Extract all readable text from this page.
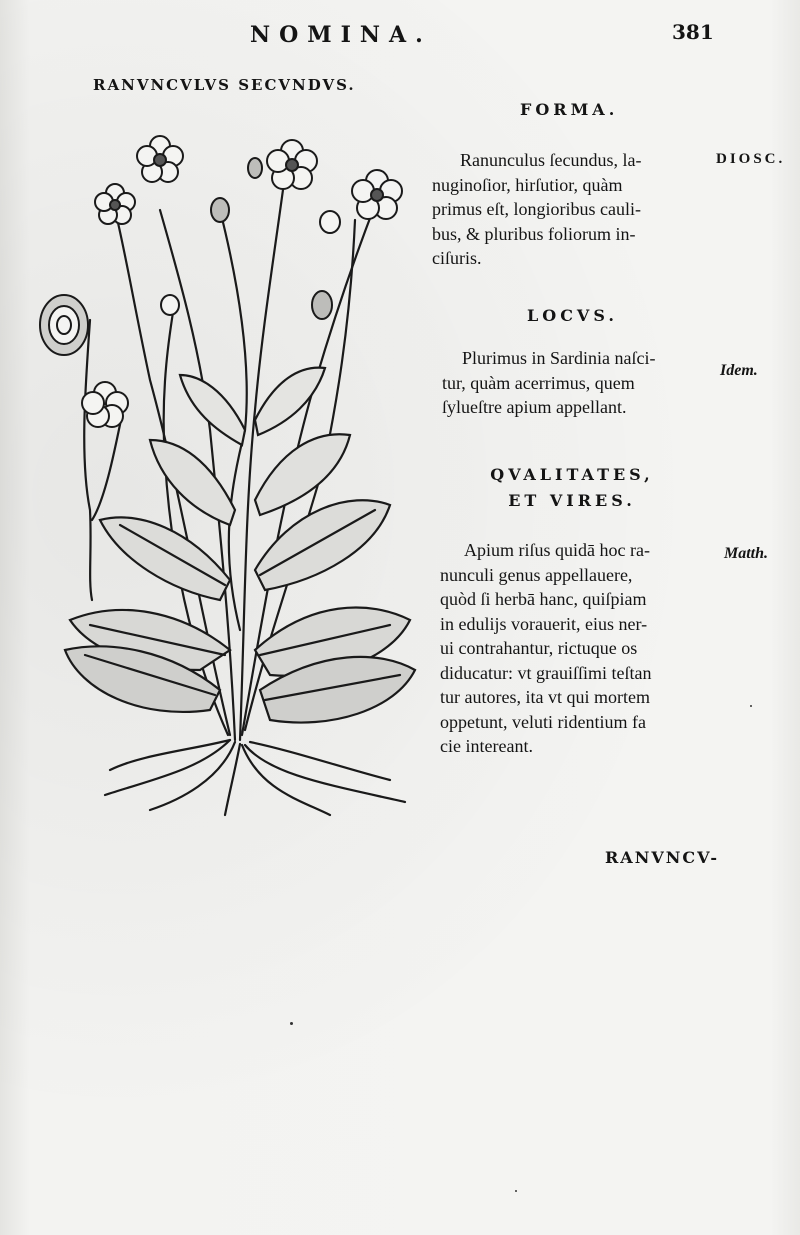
NOMINA.	381
RANVNCVLVS SECVNDVS.
FORMA.
Ranunculus ſecundus, la-
nuginoſior, hirſutior, quàm
primus eſt, longioribus cauli-
bus, & pluribus foliorum in-
ciſuris.
DIOSC.
LOCVS.
Plurimus in Sardinia naſci-
tur, quàm acerrimus, quem
ſylueſtre apium appellant.
Idem.
QVALITATES,
ET VIRES.
Apium riſus quidā hoc ra-
nunculi genus appellauere,
quòd ſi herbā hanc, quiſpiam
in edulijs vorauerit, eius ner-
ui contrahantur, rictuque os
diducatur: vt grauiſſimi teſtan
tur autores, ita vt qui mortem
oppetunt, veluti ridentium fa
cie intereant.
Matth.
RANVNCV-
